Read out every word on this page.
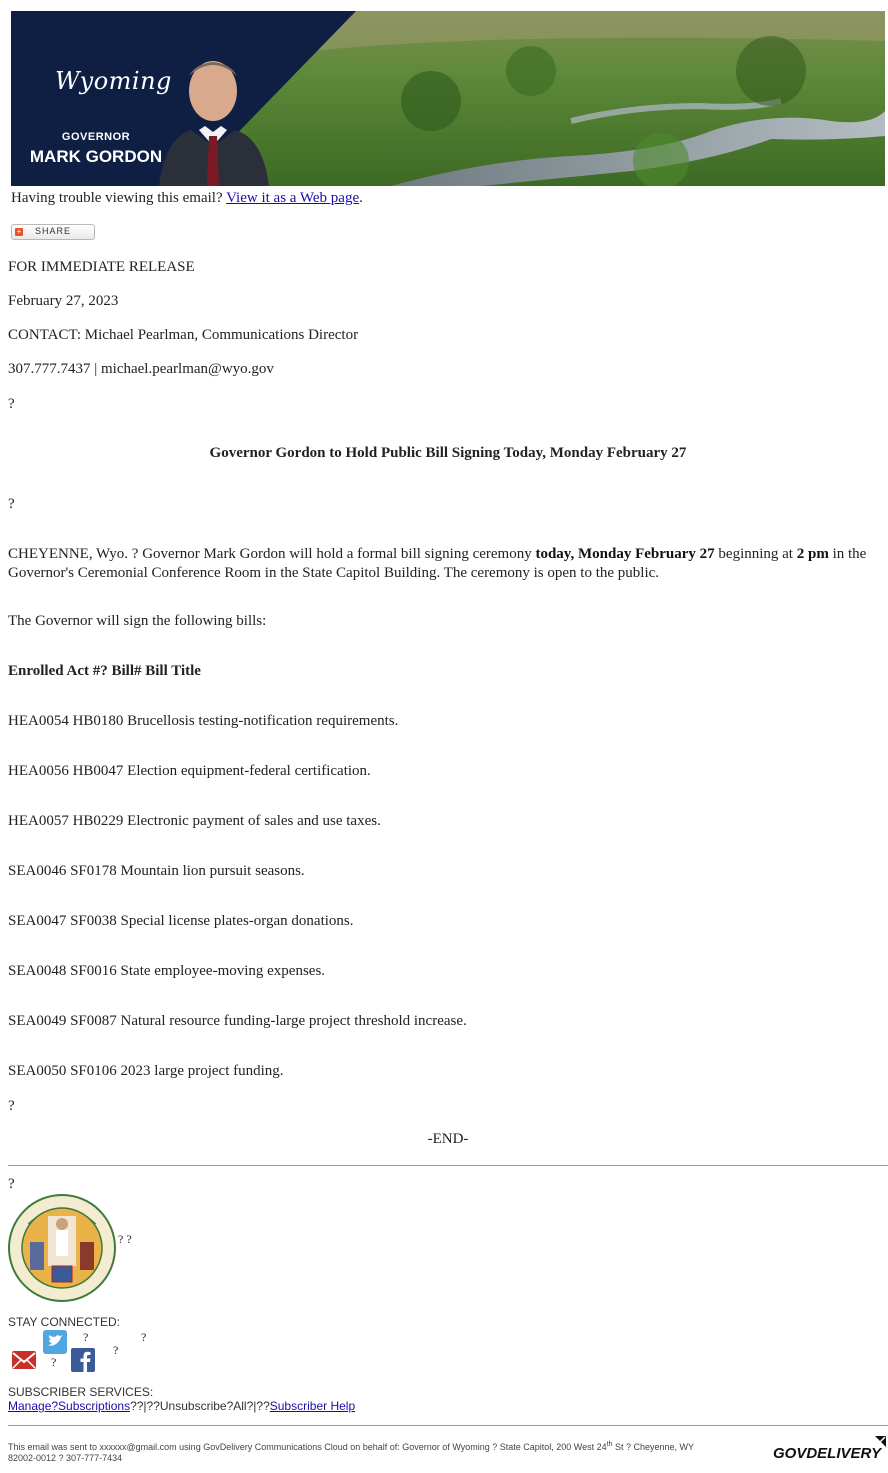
Wyoming
GOVERNOR
MARK GORDON
Having trouble viewing this email? View it as a Web page.
+ SHARE
FOR IMMEDIATE RELEASE
February 27, 2023
CONTACT: Michael Pearlman, Communications Director
307.777.7437 | michael.pearlman@wyo.gov
?
Governor Gordon to Hold Public Bill Signing Today, Monday February 27
?
CHEYENNE, Wyo. ? Governor Mark Gordon will hold a formal bill signing ceremony today, Monday February 27 beginning at 2 pm in the Governor's Ceremonial Conference Room in the State Capitol Building. The ceremony is open to the public.
The Governor will sign the following bills:
Enrolled Act #? Bill# Bill Title
HEA0054 HB0180 Brucellosis testing-notification requirements.
HEA0056 HB0047 Election equipment-federal certification.
HEA0057 HB0229 Electronic payment of sales and use taxes.
SEA0046 SF0178 Mountain lion pursuit seasons.
SEA0047 SF0038 Special license plates-organ donations.
SEA0048 SF0016 State employee-moving expenses.
SEA0049 SF0087 Natural resource funding-large project threshold increase.
SEA0050 SF0106 2023 large project funding.
?
-END-
?
? ?
STAY CONNECTED:
?	?
?
?
SUBSCRIBER SERVICES:
Manage?Subscriptions??|??Unsubscribe?All?|??Subscriber Help
This email was sent to xxxxxx@gmail.com using GovDelivery Communications Cloud on behalf of: Governor of Wyoming ? State Capitol, 200 West 24th St ? Cheyenne, WY
82002-0012 ? 307-777-7434	GOVDELIVERY
